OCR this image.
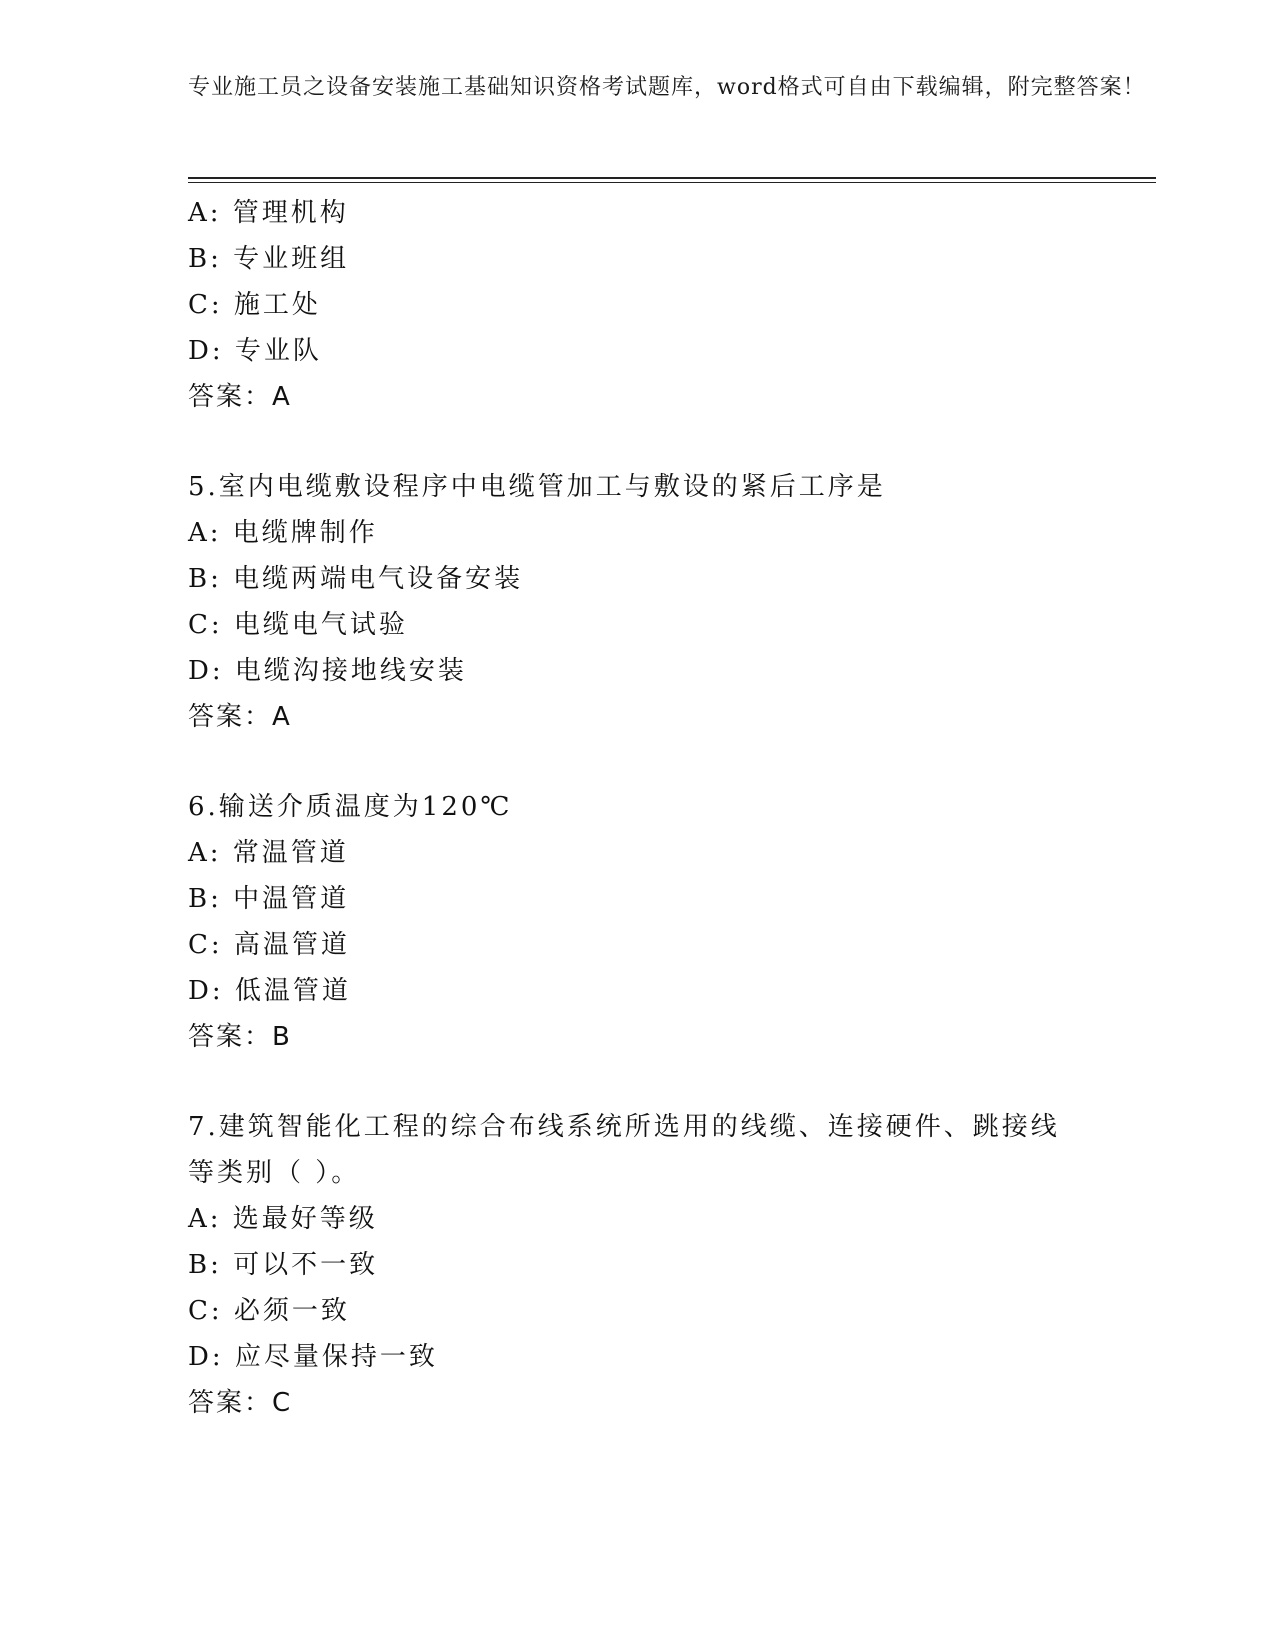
专业施工员之设备安装施工基础知识资格考试题库，word格式可自由下载编辑，附完整答案！
A: 管理机构
B: 专业班组
C: 施工处
D: 专业队
答案：A
5.室内电缆敷设程序中电缆管加工与敷设的紧后工序是
A: 电缆牌制作
B: 电缆两端电气设备安装
C: 电缆电气试验
D: 电缆沟接地线安装
答案：A
6.输送介质温度为120℃
A: 常温管道
B: 中温管道
C: 高温管道
D: 低温管道
答案：B
7.建筑智能化工程的综合布线系统所选用的线缆、连接硬件、跳接线等类别（ ）。
A: 选最好等级
B: 可以不一致
C: 必须一致
D: 应尽量保持一致
答案：C
